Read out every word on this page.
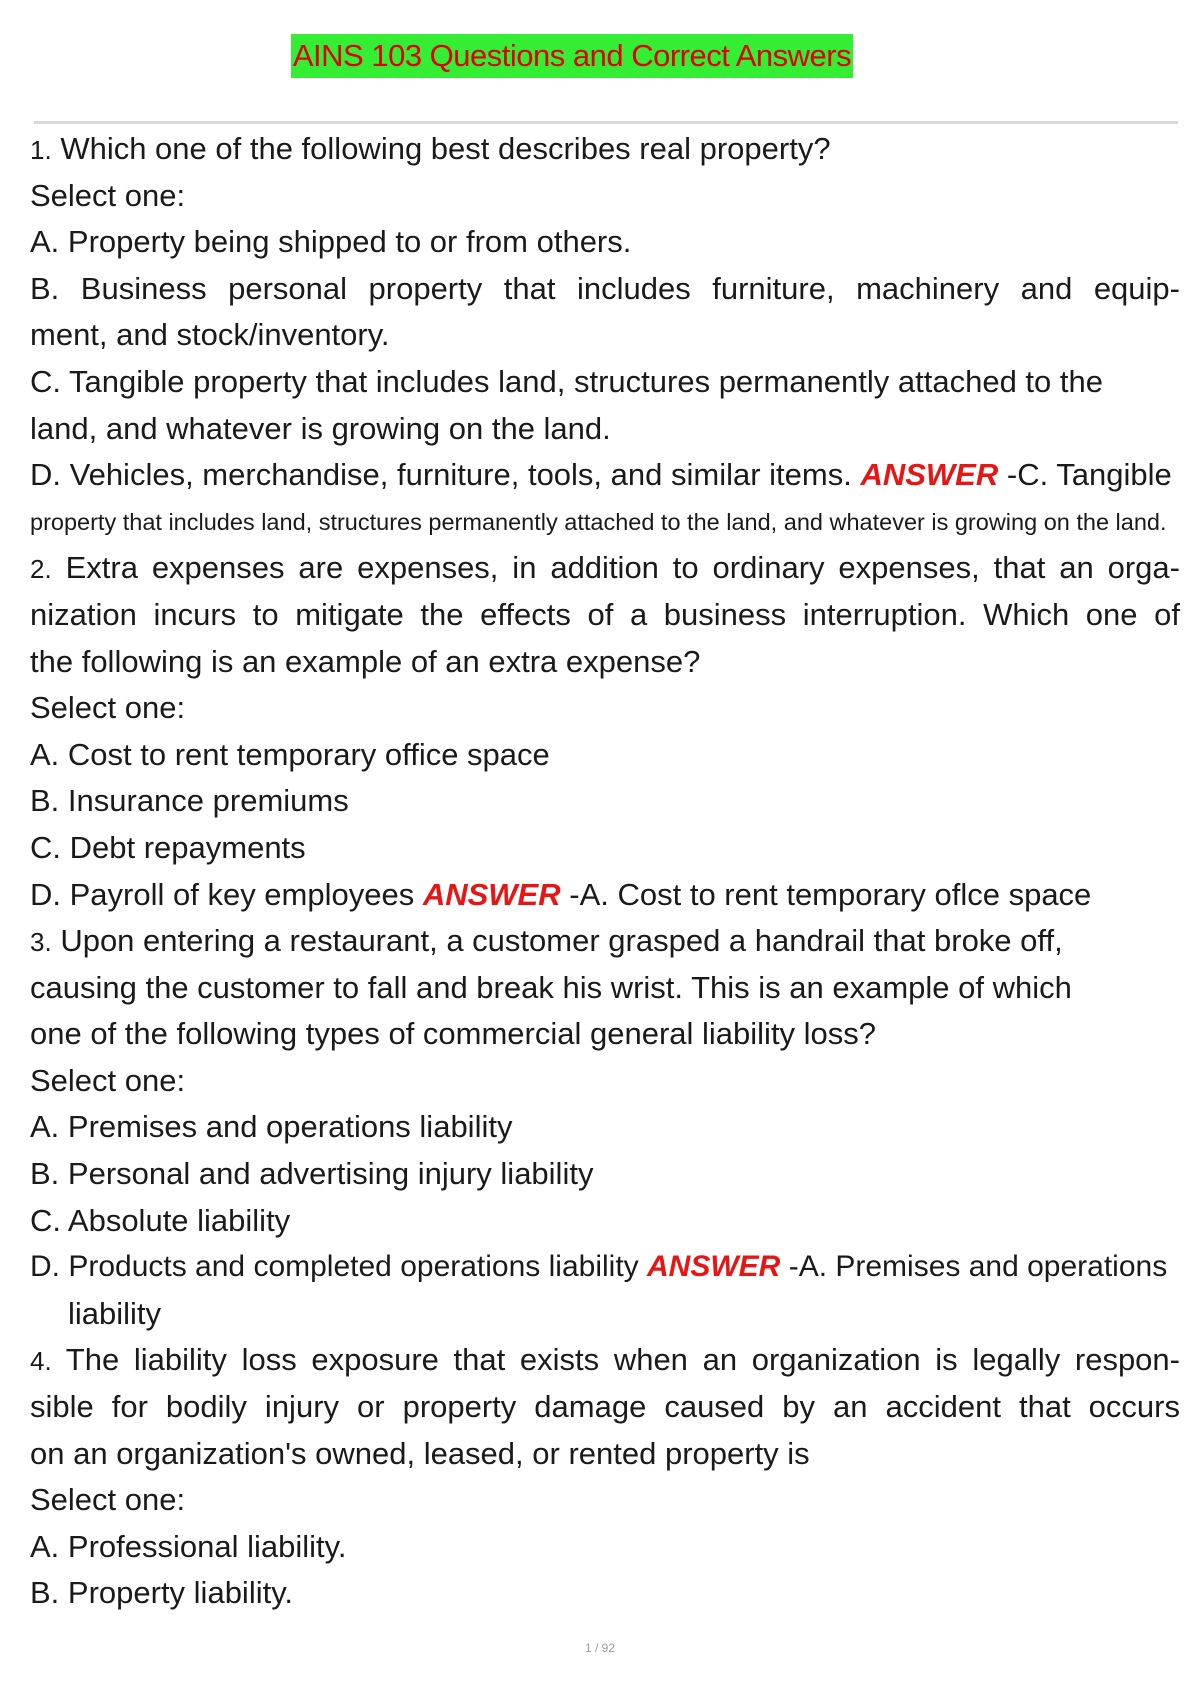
AINS 103 Questions and Correct Answers
1. Which one of the following best describes real property?
Select one:
A. Property being shipped to or from others.
B. Business personal property that includes furniture, machinery and equip-
ment, and stock/inventory.
C. Tangible property that includes land, structures permanently attached to the
land, and whatever is growing on the land.
D. Vehicles, merchandise, furniture, tools, and similar items. ANSWER -C. Tangible
property that includes land, structures permanently attached to the land, and whatever is growing on the land.
2. Extra expenses are expenses, in addition to ordinary expenses, that an orga-
nization incurs to mitigate the effects of a business interruption. Which one of
the following is an example of an extra expense?
Select one:
A. Cost to rent temporary office space
B. Insurance premiums
C. Debt repayments
D. Payroll of key employees ANSWER -A. Cost to rent temporary oflce space
3. Upon entering a restaurant, a customer grasped a handrail that broke off,
causing the customer to fall and break his wrist. This is an example of which
one of the following types of commercial general liability loss?
Select one:
A. Premises and operations liability
B. Personal and advertising injury liability
C. Absolute liability
D. Products and completed operations liability ANSWER -A. Premises and operations
liability
4. The liability loss exposure that exists when an organization is legally respon-
sible for bodily injury or property damage caused by an accident that occurs
on an organization's owned, leased, or rented property is
Select one:
A. Professional liability.
B. Property liability.
1 / 92
